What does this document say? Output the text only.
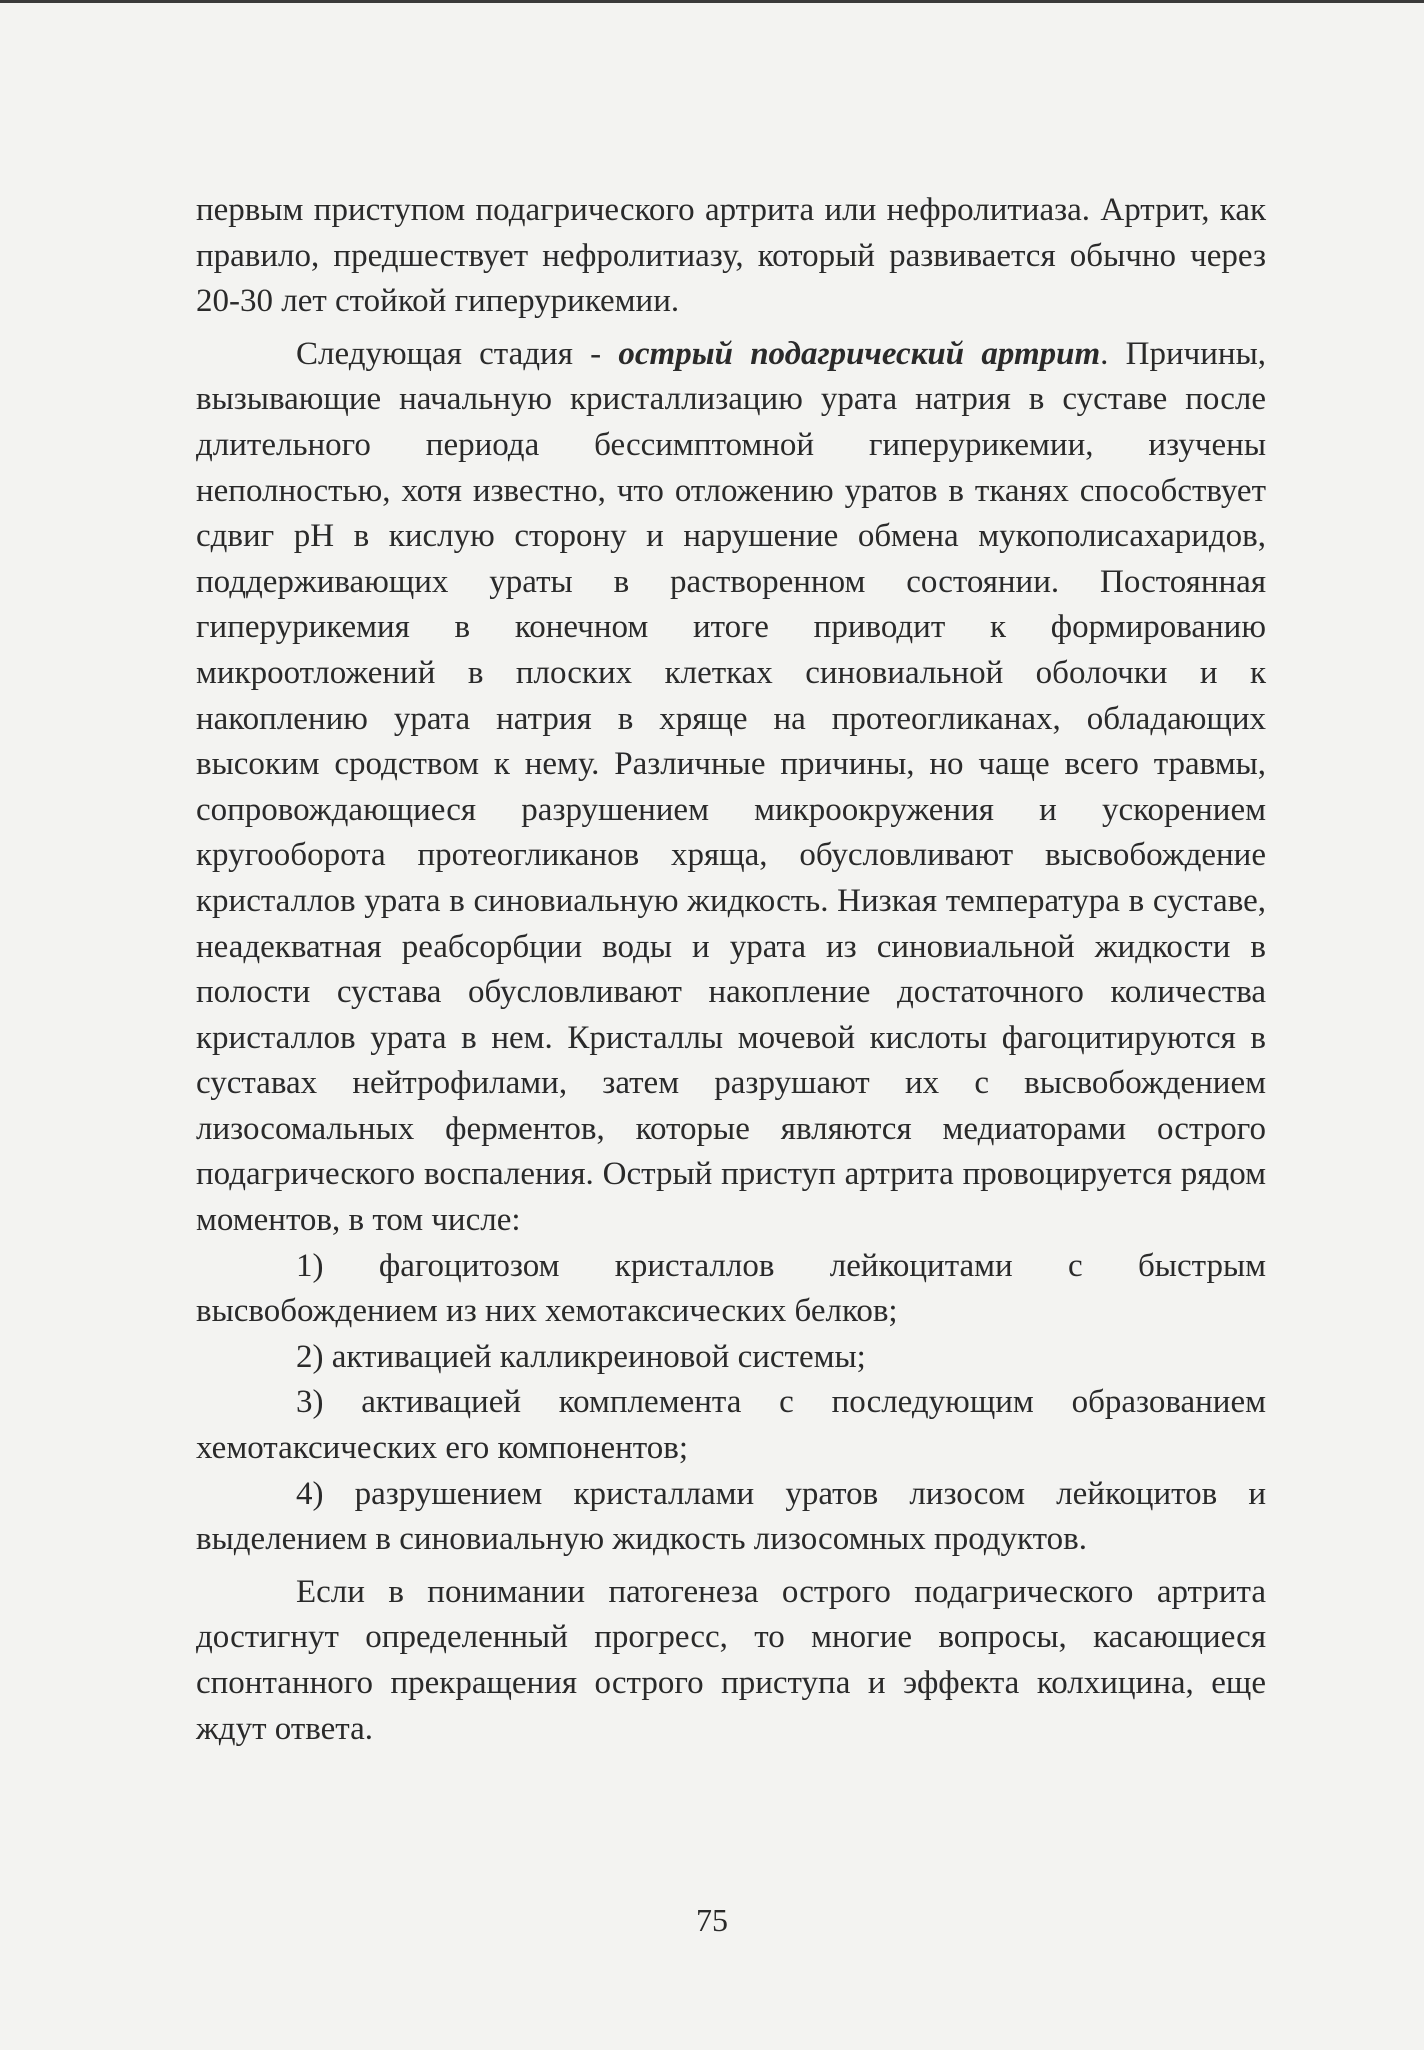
первым приступом подагрического артрита или нефролитиаза. Артрит, как правило, предшествует нефролитиазу, который развивается обычно через 20-30 лет стойкой гиперурикемии.

Следующая стадия - острый подагрический артрит. Причины, вызывающие начальную кристаллизацию урата натрия в суставе после длительного периода бессимптомной гиперурикемии, изучены неполностью, хотя известно, что отложению уратов в тканях способствует сдвиг pH в кислую сторону и нарушение обмена мукополисахаридов, поддерживающих ураты в растворенном состоянии. Постоянная гиперурикемия в конечном итоге приводит к формированию микроотложений в плоских клетках синовиальной оболочки и к накоплению урата натрия в хряще на протеогликанах, обладающих высоким сродством к нему. Различные причины, но чаще всего травмы, сопровождающиеся разрушением микроокружения и ускорением кругооборота протеогликанов хряща, обусловливают высвобождение кристаллов урата в синовиальную жидкость. Низкая температура в суставе, неадекватная реабсорбции воды и урата из синовиальной жидкости в полости сустава обусловливают накопление достаточного количества кристаллов урата в нем. Кристаллы мочевой кислоты фагоцитируются в суставах нейтрофилами, затем разрушают их с высвобождением лизосомальных ферментов, которые являются медиаторами острого подагрического воспаления. Острый приступ артрита провоцируется рядом моментов, в том числе:

1) фагоцитозом кристаллов лейкоцитами с быстрым высвобождением из них хемотаксических белков;

2) активацией калликреиновой системы;

3) активацией комплемента с последующим образованием хемотаксических его компонентов;

4) разрушением кристаллами уратов лизосом лейкоцитов и выделением в синовиальную жидкость лизосомных продуктов.

Если в понимании патогенеза острого подагрического артрита достигнут определенный прогресс, то многие вопросы, касающиеся спонтанного прекращения острого приступа и эффекта колхицина, еще ждут ответа.

75
